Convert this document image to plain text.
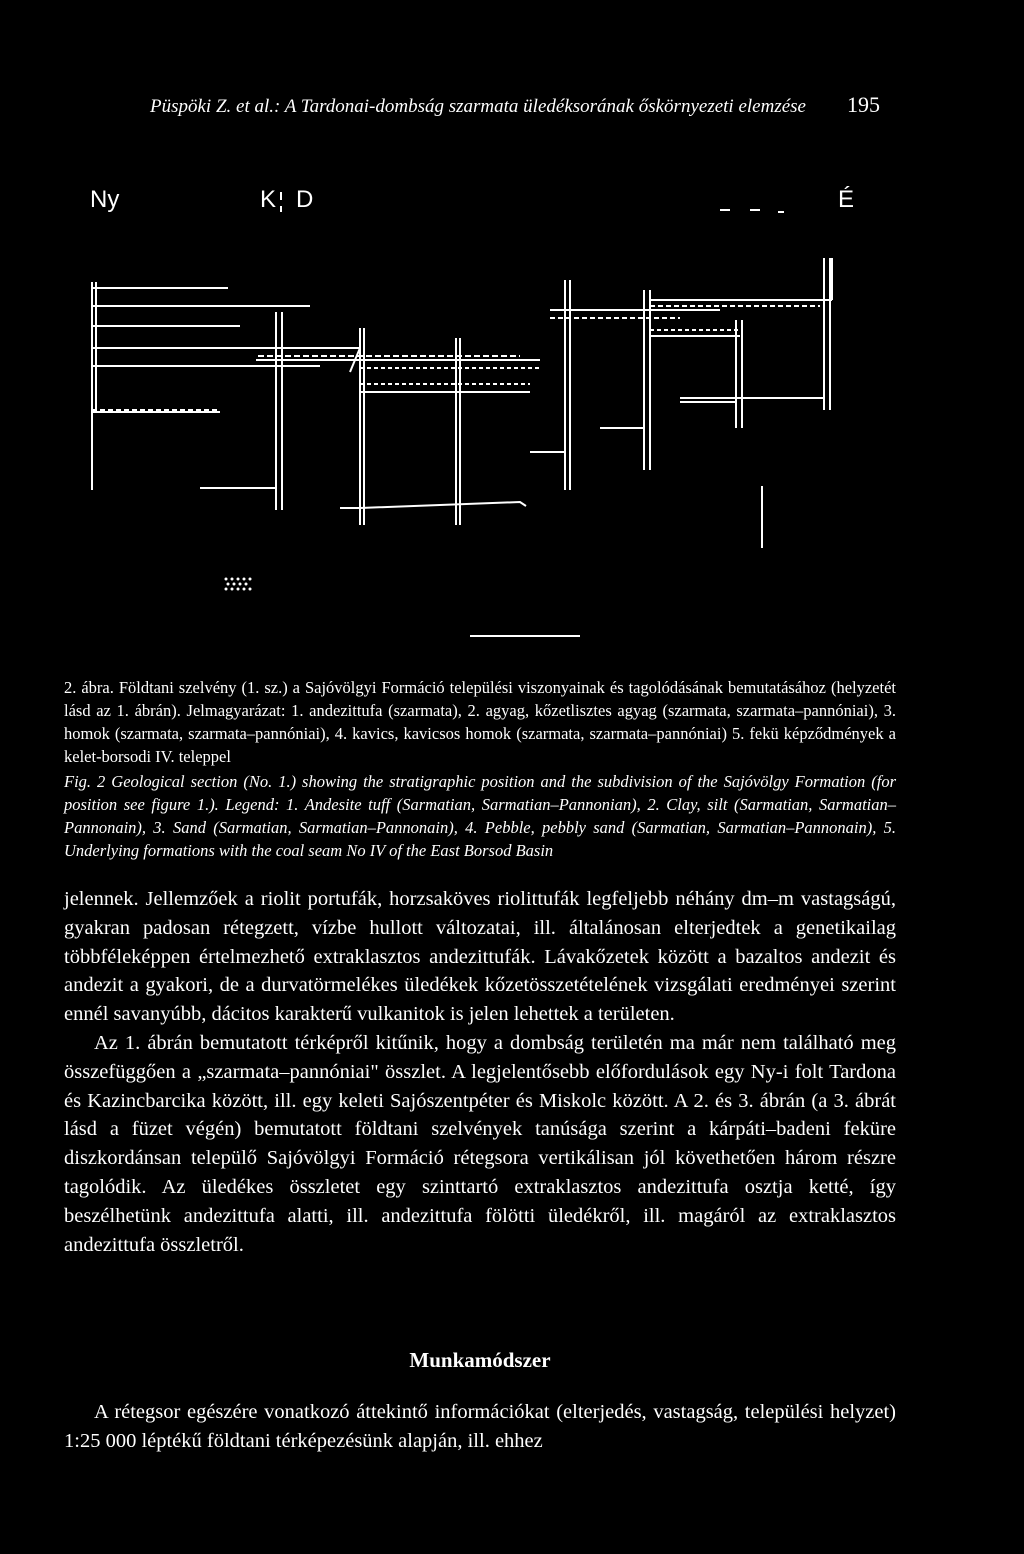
Püspöki Z. et al.: A Tardonai-dombság szarmata üledéksorának őskörnyezeti elemzése 195
Ny	K D	É
2. ábra. Földtani szelvény (1. sz.) a Sajóvölgyi Formáció települési viszonyainak és tagolódásának bemutatásához (helyzetét lásd az 1. ábrán). Jelmagyarázat: 1. andezittufa (szarmata), 2. agyag, kőzetlisztes agyag (szarmata, szarmata–pannóniai), 3. homok (szarmata, szarmata–pannóniai), 4. kavics, kavicsos homok (szarmata, szarmata–pannóniai) 5. fekü képződmények a kelet-borsodi IV. teleppel
Fig. 2 Geological section (No. 1.) showing the stratigraphic position and the subdivision of the Sajóvölgy Formation (for position see figure 1.). Legend: 1. Andesite tuff (Sarmatian, Sarmatian–Pannonian), 2. Clay, silt (Sarmatian, Sarmatian–Pannonain), 3. Sand (Sarmatian, Sarmatian–Pannonain), 4. Pebble, pebbly sand (Sarmatian, Sarmatian–Pannonain), 5. Underlying formations with the coal seam No IV of the East Borsod Basin

jelennek. Jellemzőek a riolit portufák, horzsaköves riolittufák legfeljebb néhány dm–m vastagságú, gyakran padosan rétegzett, vízbe hullott változatai, ill. általánosan elterjedtek a genetikailag többféleképpen értelmezhető extraklasztos andezittufák. Lávakőzetek között a bazaltos andezit és andezit a gyakori, de a durvatörmelékes üledékek kőzetösszetételének vizsgálati eredményei szerint ennél savanyúbb, dácitos karakterű vulkanitok is jelen lehettek a területen.

Az 1. ábrán bemutatott térképről kitűnik, hogy a dombság területén ma már nem található meg összefüggően a „szarmata–pannóniai" összlet. A legjelentősebb előfordulások egy Ny-i folt Tardona és Kazincbarcika között, ill. egy keleti Sajószentpéter és Miskolc között. A 2. és 3. ábrán (a 3. ábrát lásd a füzet végén) bemutatott földtani szelvények tanúsága szerint a kárpáti–badeni feküre diszkordánsan települő Sajóvölgyi Formáció rétegsora vertikálisan jól követhetően három részre tagolódik. Az üledékes összletet egy szinttartó extraklasztos andezittufa osztja ketté, így beszélhetünk andezittufa alatti, ill. andezittufa fölötti üledékről, ill. magáról az extraklasztos andezittufa összletről.

Munkamódszer

A rétegsor egészére vonatkozó áttekintő információkat (elterjedés, vastagság, települési helyzet) 1:25 000 léptékű földtani térképezésünk alapján, ill. ehhez
